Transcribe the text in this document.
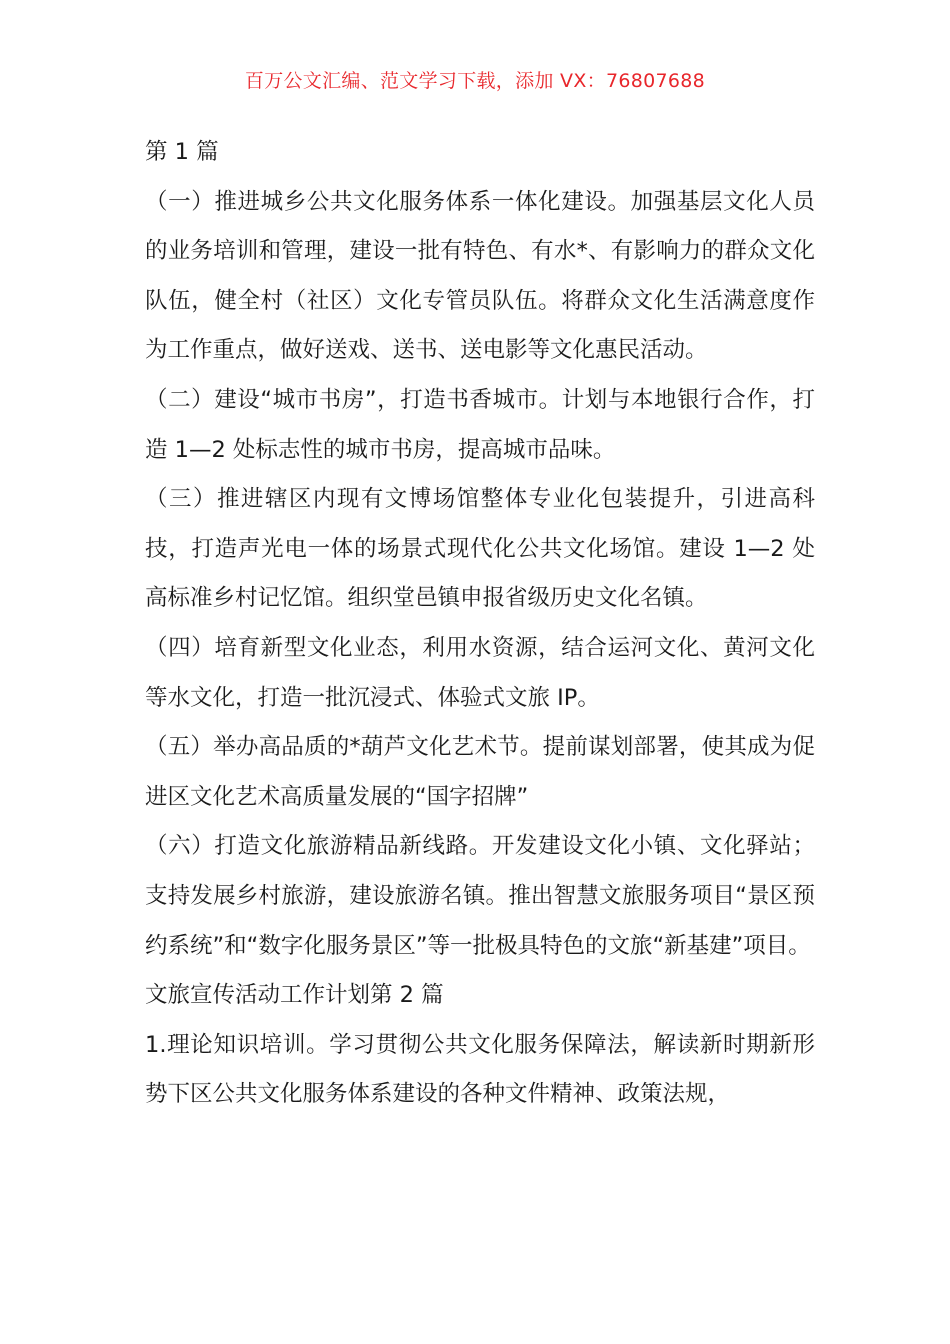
百万公文汇编、范文学习下载，添加 VX：76807688

第 1 篇

（一）推进城乡公共文化服务体系一体化建设。加强基层文化人员的业务培训和管理，建设一批有特色、有水*、有影响力的群众文化队伍，健全村（社区）文化专管员队伍。将群众文化生活满意度作为工作重点，做好送戏、送书、送电影等文化惠民活动。

（二）建设“城市书房”，打造书香城市。计划与本地银行合作，打造 1—2 处标志性的城市书房，提高城市品味。

（三）推进辖区内现有文博场馆整体专业化包装提升，引进高科技，打造声光电一体的场景式现代化公共文化场馆。建设 1—2 处高标准乡村记忆馆。组织堂邑镇申报省级历史文化名镇。

（四）培育新型文化业态，利用水资源，结合运河文化、黄河文化等水文化，打造一批沉浸式、体验式文旅 IP。

（五）举办高品质的*葫芦文化艺术节。提前谋划部署，使其成为促进区文化艺术高质量发展的“国字招牌”

（六）打造文化旅游精品新线路。开发建设文化小镇、文化驿站；支持发展乡村旅游，建设旅游名镇。推出智慧文旅服务项目“景区预约系统”和“数字化服务景区”等一批极具特色的文旅“新基建”项目。

文旅宣传活动工作计划第 2 篇

1.理论知识培训。学习贯彻公共文化服务保障法，解读新时期新形势下区公共文化服务体系建设的各种文件精神、政策法规，
